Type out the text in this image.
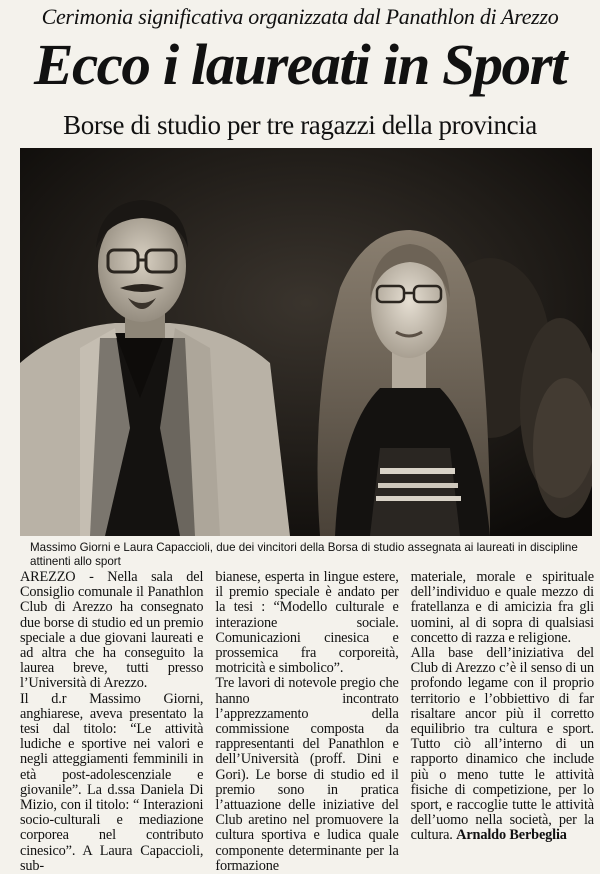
Cerimonia significativa organizzata dal Panathlon di Arezzo
Ecco i laureati in Sport
Borse di studio per tre ragazzi della provincia
Massimo Giorni e Laura Capaccioli, due dei vincitori della Borsa di studio assegnata ai laureati in discipline attinenti allo sport

AREZZO - Nella sala del Consiglio comunale il Panathlon Club di Arezzo ha consegnato due borse di studio ed un premio speciale a due giovani laureati e ad altra che ha conseguito la laurea breve, tutti presso l’Università di Arezzo.

Il d.r Massimo Giorni, anghiarese, aveva presentato la tesi dal titolo: “Le attività ludiche e sportive nei valori e negli atteggiamenti femminili in età post-adolescenziale e giovanile”. La d.ssa Daniela Di Mizio, con il titolo: “ Interazioni socio-culturali e mediazione corporea nel contributo cinesico”. A Laura Capaccioli, sub-

bianese, esperta in lingue estere, il premio speciale è andato per la tesi : “Modello culturale e interazione sociale. Comunicazioni cinesica e prossemica fra corporeità, motricità e simbolico”.

Tre lavori di notevole pregio che hanno incontrato l’apprezzamento della commissione composta da rappresentanti del Panathlon e dell’Università (proff. Dini e Gori). Le borse di studio ed il premio sono in pratica l’attuazione delle iniziative del Club aretino nel promuovere la cultura sportiva e ludica quale componente determinante per la formazione

materiale, morale e spirituale dell’individuo e quale mezzo di fratellanza e di amicizia fra gli uomini, al di sopra di qualsiasi concetto di razza e religione.

Alla base dell’iniziativa del Club di Arezzo c’è il senso di un profondo legame con il proprio territorio e l’obbiettivo di far risaltare ancor più il corretto equilibrio tra cultura e sport. Tutto ciò all’interno di un rapporto dinamico che include più o meno tutte le attività fisiche di competizione, per lo sport, e raccoglie tutte le attività dell’uomo nella società, per la cultura. Arnaldo Berbeglia
